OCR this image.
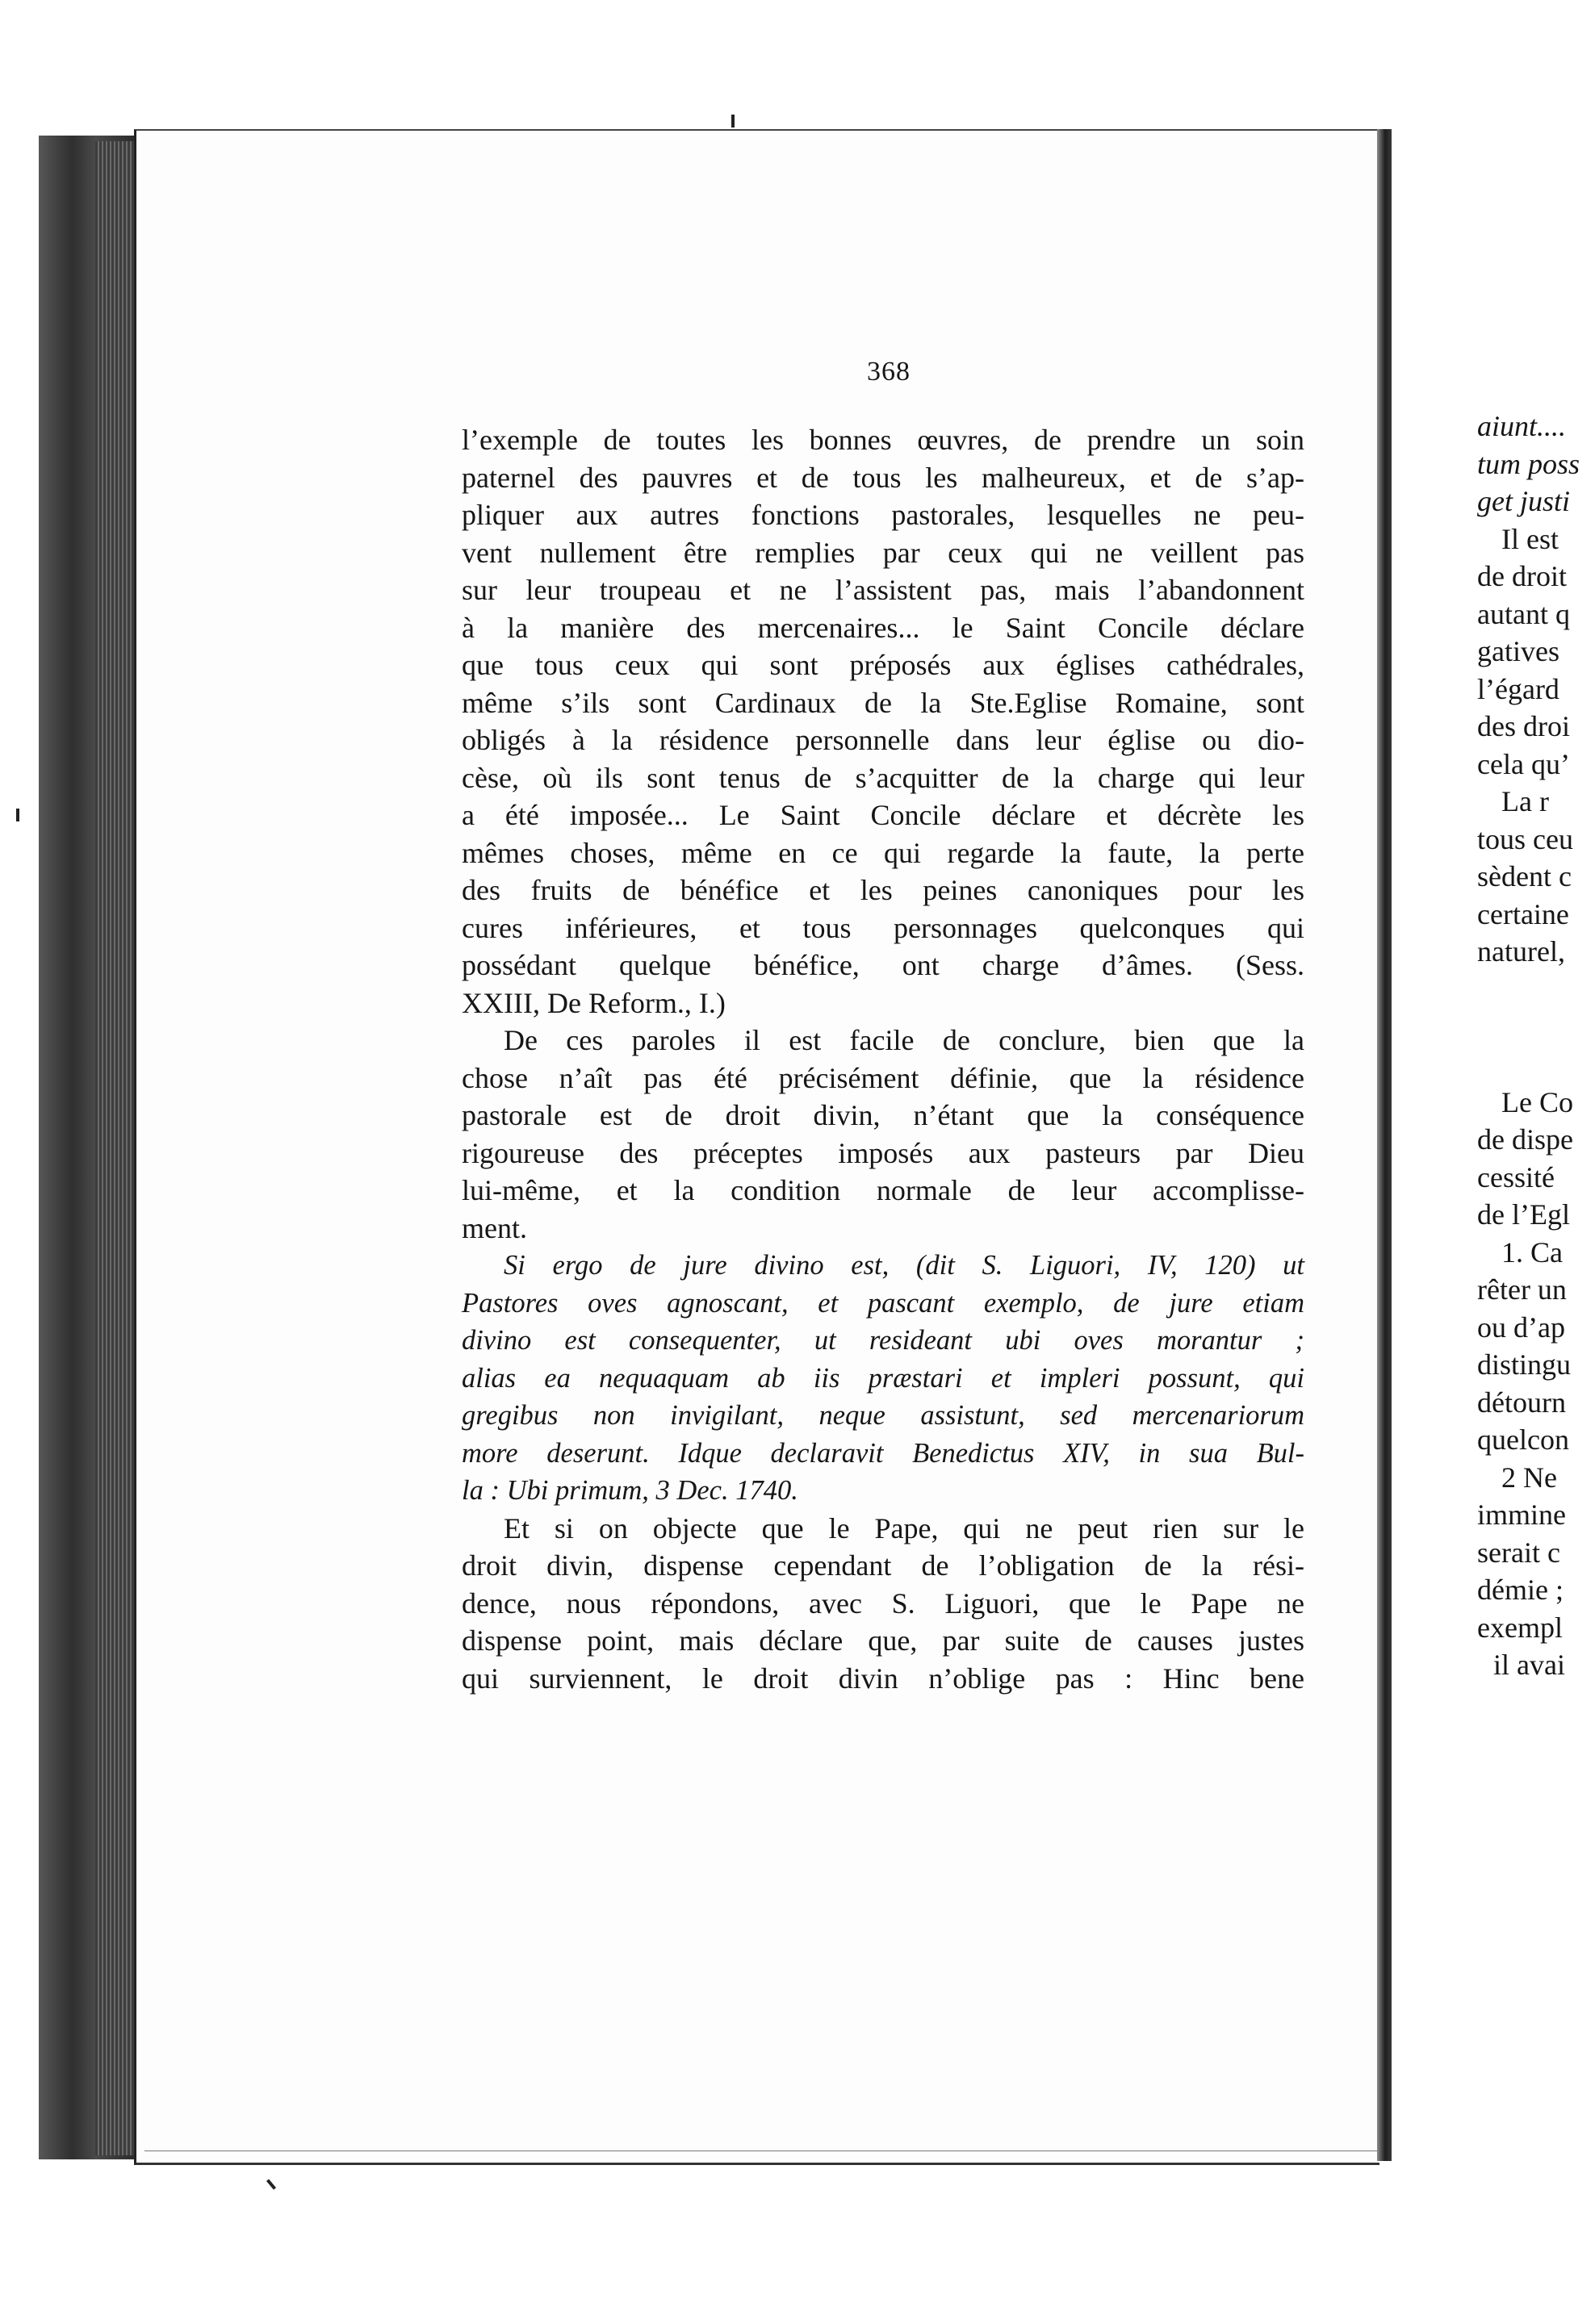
368
l’exemple de toutes les bonnes œuvres, de prendre un soin
paternel des pauvres et de tous les malheureux, et de s’ap-
pliquer aux autres fonctions pastorales, lesquelles ne peu-
vent nullement être remplies par ceux qui ne veillent pas
sur leur troupeau et ne l’assistent pas, mais l’abandonnent
à la manière des mercenaires... le Saint Concile déclare
que tous ceux qui sont préposés aux églises cathédrales,
même s’ils sont Cardinaux de la Ste.Eglise Romaine, sont
obligés à la résidence personnelle dans leur église ou dio-
cèse, où ils sont tenus de s’acquitter de la charge qui leur
a été imposée... Le Saint Concile déclare et décrète les
mêmes choses, même en ce qui regarde la faute, la perte
des fruits de bénéfice et les peines canoniques pour les
cures inférieures, et tous personnages quelconques qui
possédant quelque bénéfice, ont charge d’âmes. (Sess.
XXIII, De Reform., I.)
De ces paroles il est facile de conclure, bien que la
chose n’aît pas été précisément définie, que la résidence
pastorale est de droit divin, n’étant que la conséquence
rigoureuse des préceptes imposés aux pasteurs par Dieu
lui-même, et la condition normale de leur accomplisse-
ment.
Si ergo de jure divino est, (dit S. Liguori, IV, 120) ut
Pastores oves agnoscant, et pascant exemplo, de jure etiam
divino est consequenter, ut resideant ubi oves morantur ;
alias ea nequaquam ab iis præstari et impleri possunt, qui
gregibus non invigilant, neque assistunt, sed mercenariorum
more deserunt. Idque declaravit Benedictus XIV, in sua Bul-
la : Ubi primum, 3 Dec. 1740.
Et si on objecte que le Pape, qui ne peut rien sur le
droit divin, dispense cependant de l’obligation de la rési-
dence, nous répondons, avec S. Liguori, que le Pape ne
dispense point, mais déclare que, par suite de causes justes
qui surviennent, le droit divin n’oblige pas : Hinc bene
aiunt....
tum poss
get justi
Il est
de droit
autant q
gatives
l’égard
des droi
cela qu’
La r
tous ceu
sèdent c
certaine
naturel,
Le Co
de dispe
cessité
de l’Egl
1. Ca
rêter un
ou d’ap
distingu
détourn
quelcon
2 Ne
imminе
serait c
démie ;
exempl
il avai
